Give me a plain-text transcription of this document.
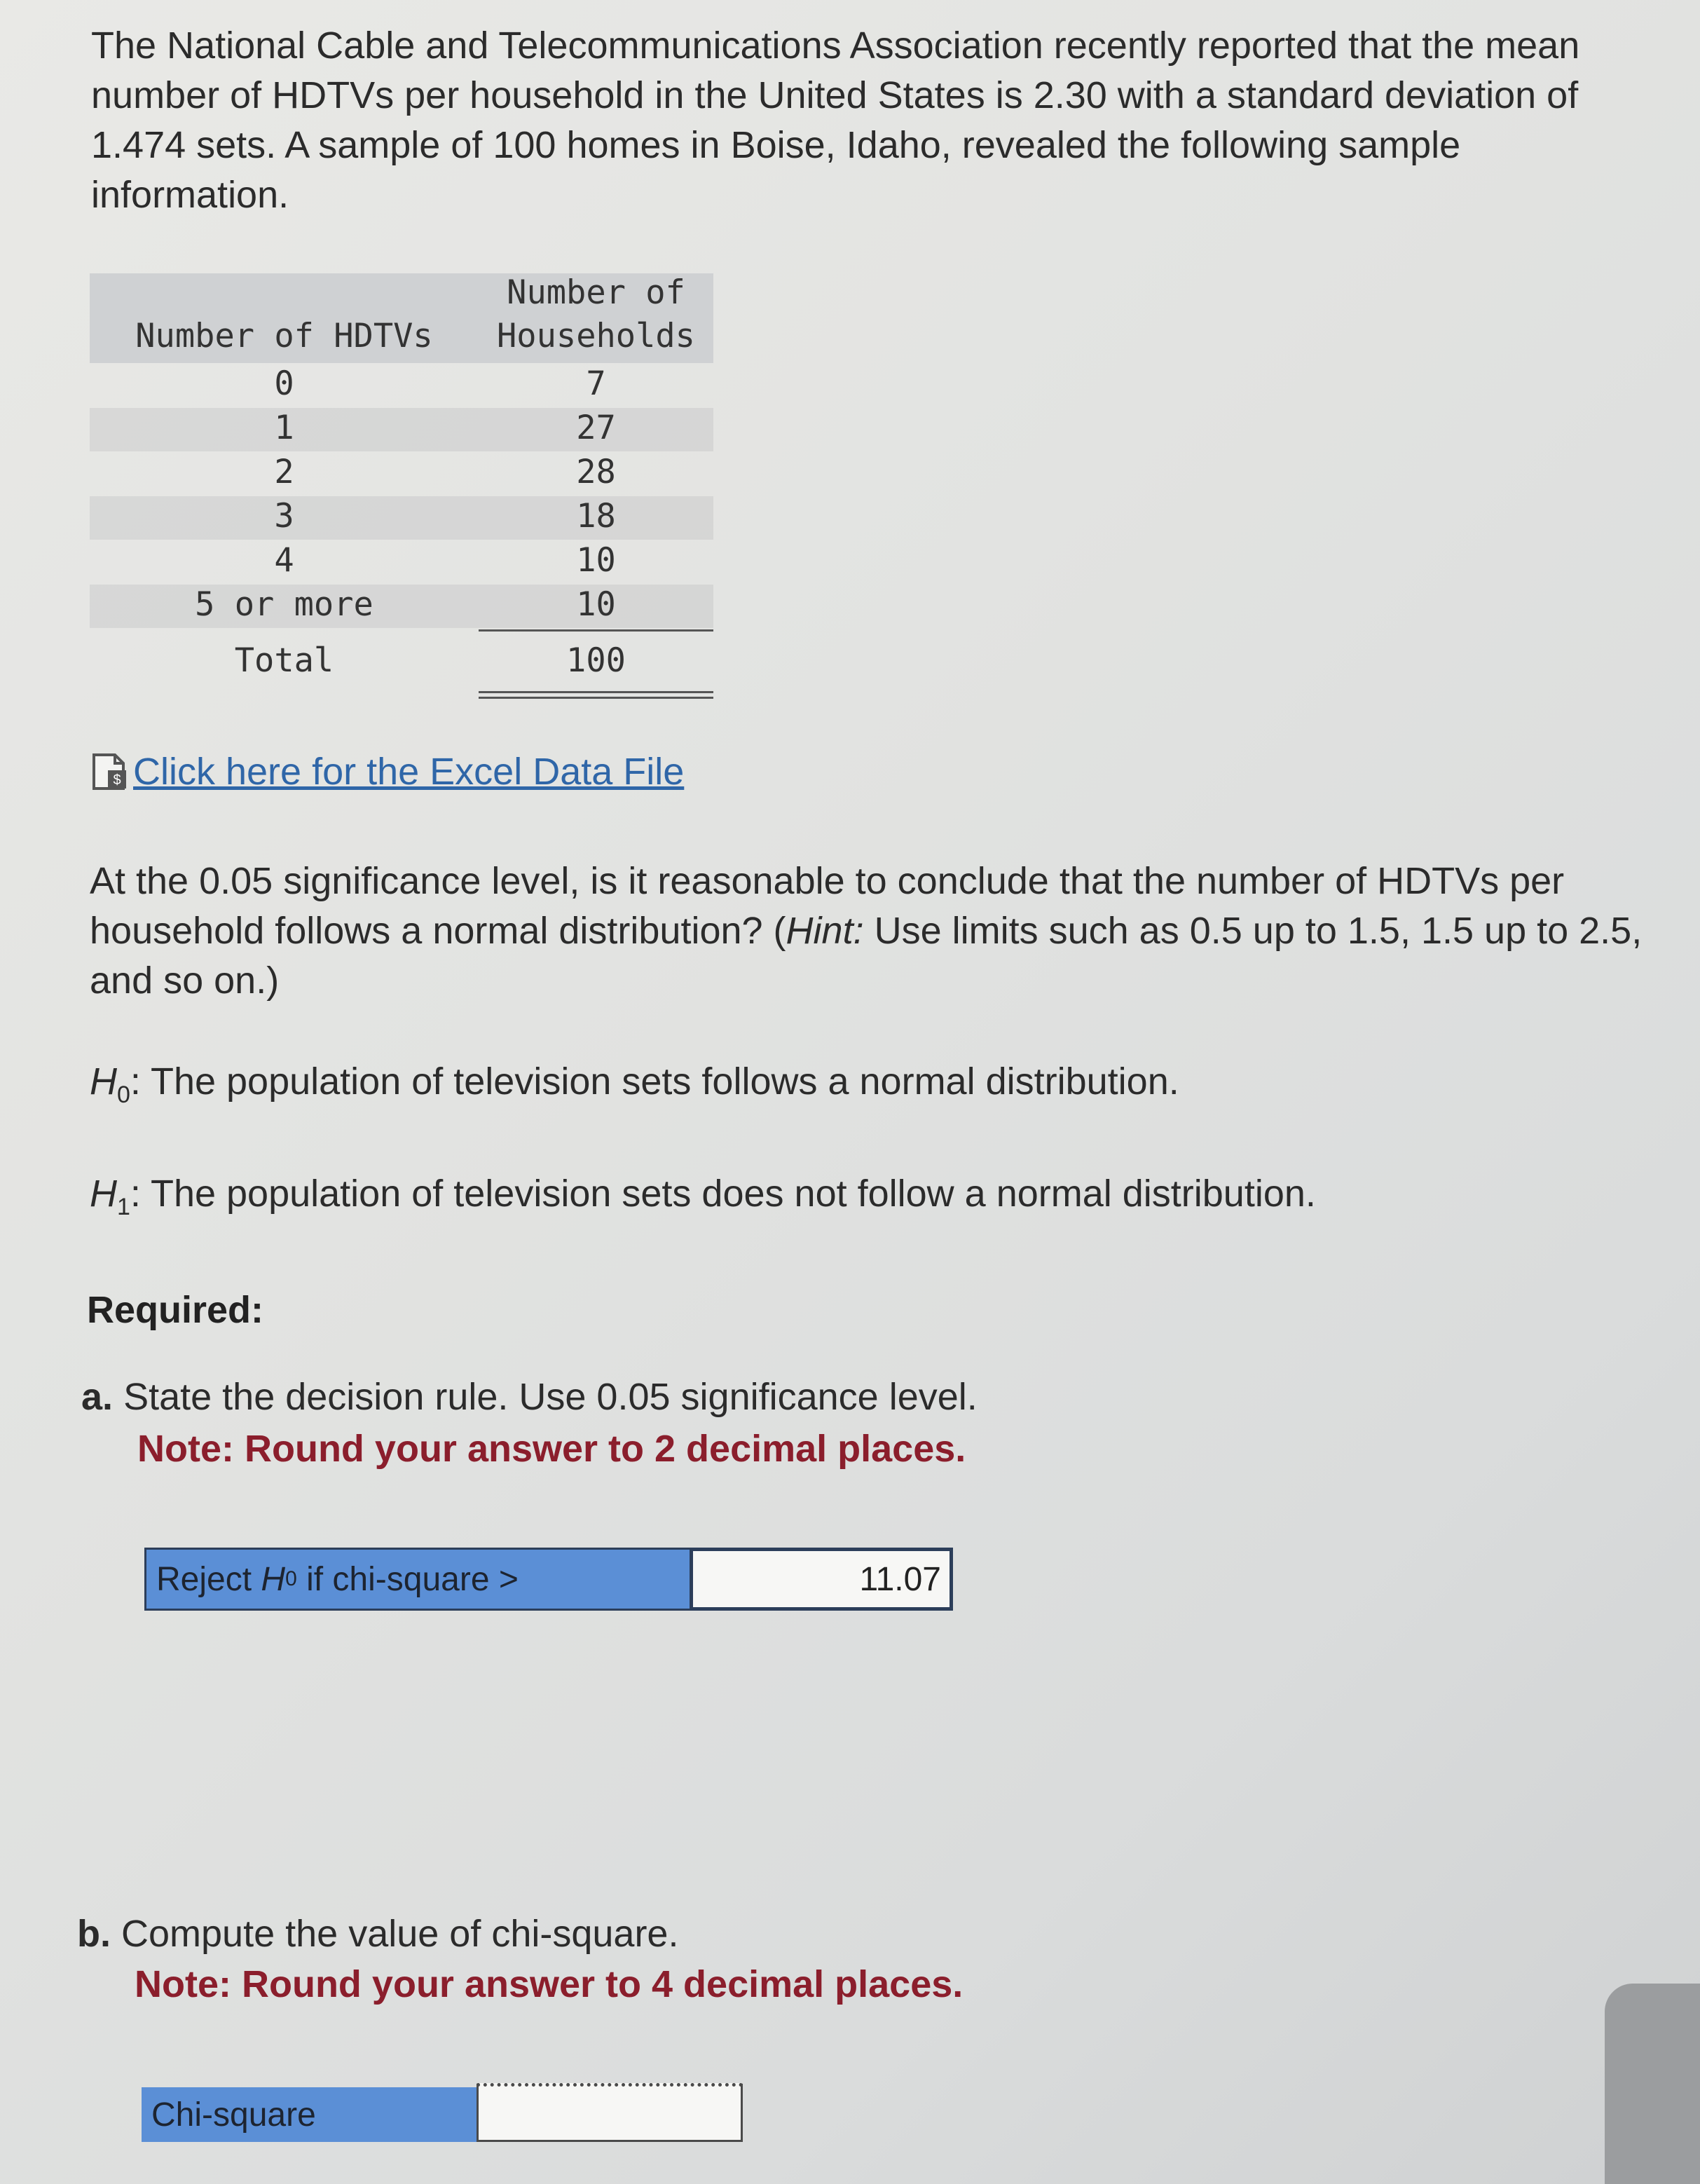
The National Cable and Telecommunications Association recently reported that the mean number of HDTVs per household in the United States is 2.30 with a standard deviation of 1.474 sets. A sample of 100 homes in Boise, Idaho, revealed the following sample information.
Number of HDTVs
Number of
Households
0	7
1	27
2	28
3	18
4	10
5 or more	10
Total	100
$ Click here for the Excel Data File
At the 0.05 significance level, is it reasonable to conclude that the number of HDTVs per household follows a normal distribution? (Hint: Use limits such as 0.5 up to 1.5, 1.5 up to 2.5, and so on.)
$H_0$: The population of television sets follows a normal distribution.
$H_1$: The population of television sets does not follow a normal distribution.
Required:
a. State the decision rule. Use 0.05 significance level.
Note: Round your answer to 2 decimal places.
Reject H 0 if chi-square >	11.07
b. Compute the value of chi-square.
Note: Round your answer to 4 decimal places.
Chi-square
